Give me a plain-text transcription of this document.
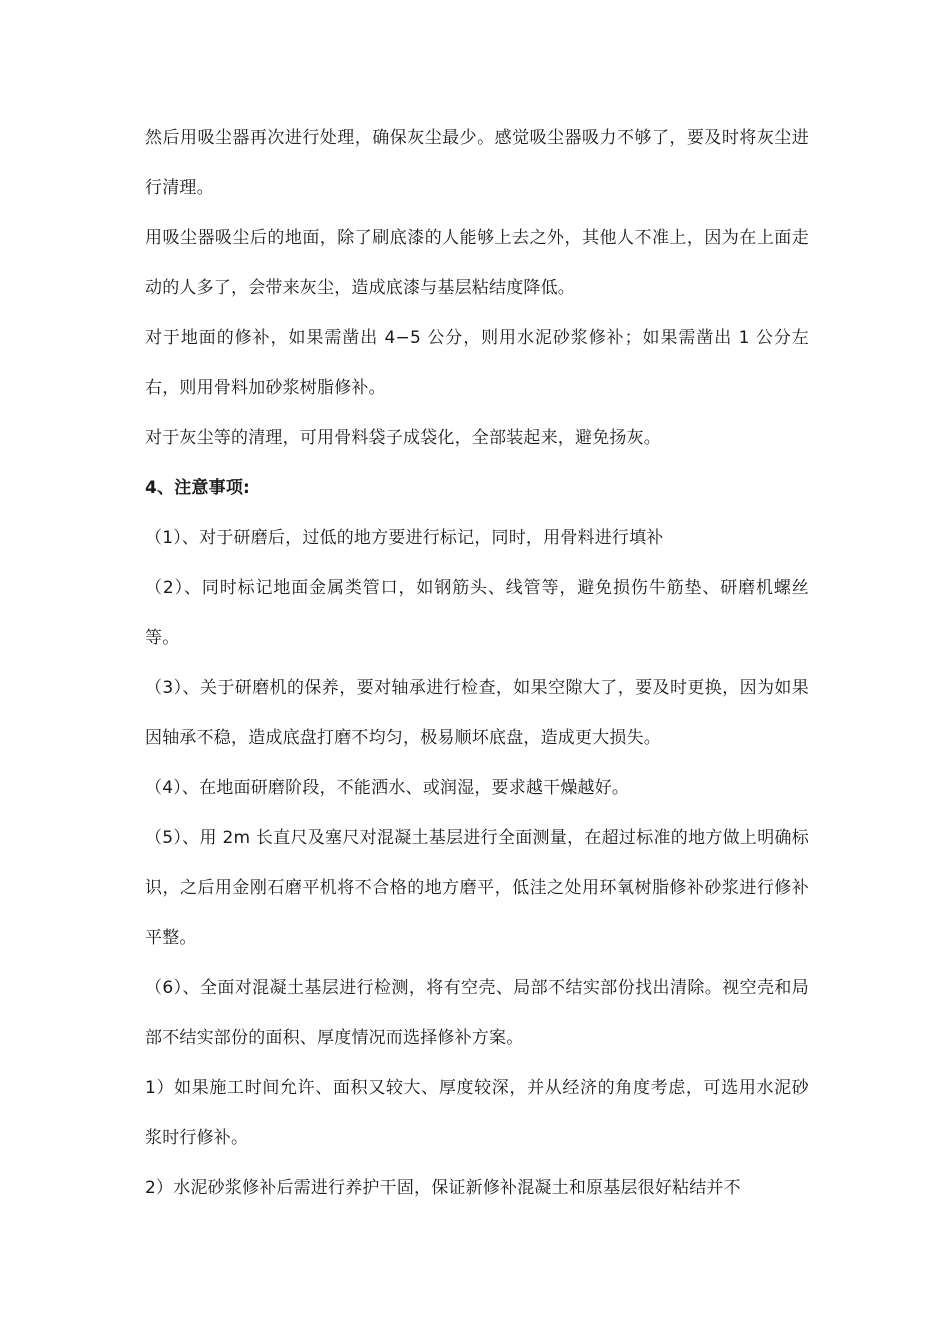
然后用吸尘器再次进行处理，确保灰尘最少。感觉吸尘器吸力不够了，要及时将灰尘进行清理。

用吸尘器吸尘后的地面，除了刷底漆的人能够上去之外，其他人不准上，因为在上面走动的人多了，会带来灰尘，造成底漆与基层粘结度降低。

对于地面的修补，如果需凿出 4−5 公分，则用水泥砂浆修补；如果需凿出 1 公分左右，则用骨料加砂浆树脂修补。

对于灰尘等的清理，可用骨料袋子成袋化，全部装起来，避免扬灰。

4、注意事项:

（1）、对于研磨后，过低的地方要进行标记，同时，用骨料进行填补

（2）、同时标记地面金属类管口，如钢筋头、线管等，避免损伤牛筋垫、研磨机螺丝等。

（3）、关于研磨机的保养，要对轴承进行检查，如果空隙大了，要及时更换，因为如果因轴承不稳，造成底盘打磨不均匀，极易顺坏底盘，造成更大损失。

（4）、在地面研磨阶段，不能洒水、或润湿，要求越干燥越好。

（5）、用 2m 长直尺及塞尺对混凝土基层进行全面测量，在超过标准的地方做上明确标识，之后用金刚石磨平机将不合格的地方磨平，低洼之处用环氧树脂修补砂浆进行修补平整。

（6）、全面对混凝土基层进行检测，将有空壳、局部不结实部份找出清除。视空壳和局部不结实部份的面积、厚度情况而选择修补方案。

1）如果施工时间允许、面积又较大、厚度较深，并从经济的角度考虑，可选用水泥砂浆时行修补。

2）水泥砂浆修补后需进行养护干固，保证新修补混凝土和原基层很好粘结并不
